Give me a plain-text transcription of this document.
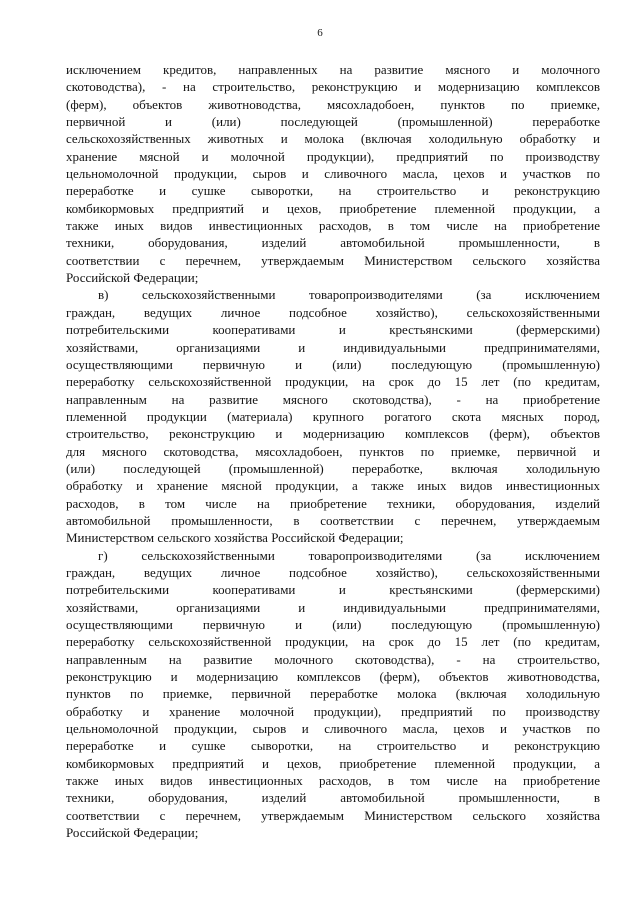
6
исключением кредитов, направленных на развитие мясного и молочного
скотоводства), - на строительство, реконструкцию и модернизацию комплексов
(ферм), объектов животноводства, мясохладобоен, пунктов по приемке,
первичной и (или) последующей (промышленной) переработке
сельскохозяйственных животных и молока (включая холодильную обработку и
хранение мясной и молочной продукции), предприятий по производству
цельномолочной продукции, сыров и сливочного масла, цехов и участков по
переработке и сушке сыворотки, на строительство и реконструкцию
комбикормовых предприятий и цехов, приобретение племенной продукции, а
также иных видов инвестиционных расходов, в том числе на приобретение
техники, оборудования, изделий автомобильной промышленности, в
соответствии с перечнем, утверждаемым Министерством сельского хозяйства
Российской Федерации;
в) сельскохозяйственными товаропроизводителями (за исключением
граждан, ведущих личное подсобное хозяйство), сельскохозяйственными
потребительскими кооперативами и крестьянскими (фермерскими)
хозяйствами, организациями и индивидуальными предпринимателями,
осуществляющими первичную и (или) последующую (промышленную)
переработку сельскохозяйственной продукции, на срок до 15 лет (по кредитам,
направленным на развитие мясного скотоводства), - на приобретение
племенной продукции (материала) крупного рогатого скота мясных пород,
строительство, реконструкцию и модернизацию комплексов (ферм), объектов
для мясного скотоводства, мясохладобоен, пунктов по приемке, первичной и
(или) последующей (промышленной) переработке, включая холодильную
обработку и хранение мясной продукции, а также иных видов инвестиционных
расходов, в том числе на приобретение техники, оборудования, изделий
автомобильной промышленности, в соответствии с перечнем, утверждаемым
Министерством сельского хозяйства Российской Федерации;
г) сельскохозяйственными товаропроизводителями (за исключением
граждан, ведущих личное подсобное хозяйство), сельскохозяйственными
потребительскими кооперативами и крестьянскими (фермерскими)
хозяйствами, организациями и индивидуальными предпринимателями,
осуществляющими первичную и (или) последующую (промышленную)
переработку сельскохозяйственной продукции, на срок до 15 лет (по кредитам,
направленным на развитие молочного скотоводства), - на строительство,
реконструкцию и модернизацию комплексов (ферм), объектов животноводства,
пунктов по приемке, первичной переработке молока (включая холодильную
обработку и хранение молочной продукции), предприятий по производству
цельномолочной продукции, сыров и сливочного масла, цехов и участков по
переработке и сушке сыворотки, на строительство и реконструкцию
комбикормовых предприятий и цехов, приобретение племенной продукции, а
также иных видов инвестиционных расходов, в том числе на приобретение
техники, оборудования, изделий автомобильной промышленности, в
соответствии с перечнем, утверждаемым Министерством сельского хозяйства
Российской Федерации;
